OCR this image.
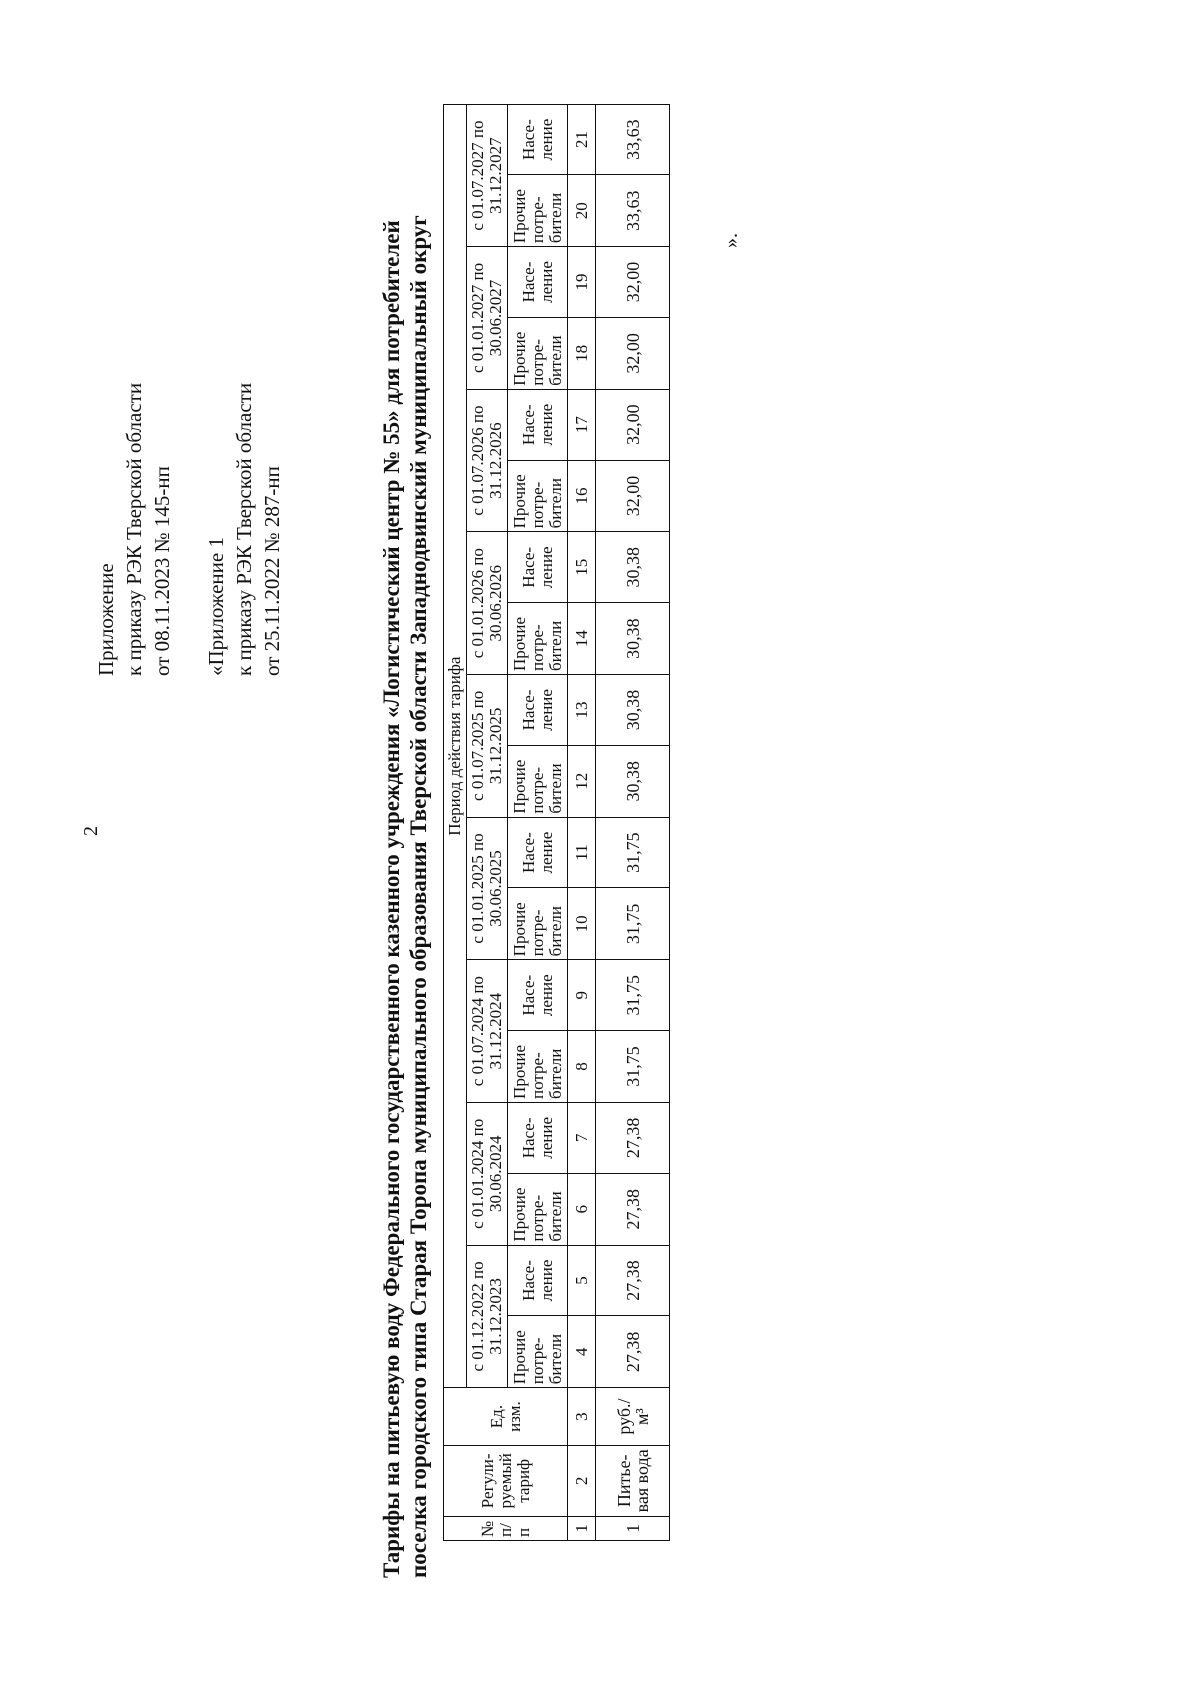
2
Приложение к приказу РЭК Тверской области от 08.11.2023 № 145-нп «Приложение 1 к приказу РЭК Тверской области от 25.11.2022 № 287-нп	Тарифы на питьевую воду Федерального государственного казенного учреждения «Логистический центр № 55» для потребителей поселка городского типа Старая Торопа муниципального образования Тверской области Западнодвинский муниципальный округ	№ п/п	Регули-руемый тариф	Ед. изм.	Период действия тарифа																	
			с 01.12.2022 по 31.12.2023		с 01.01.2024 по 30.06.2024		с 01.07.2024 по 31.12.2024		с 01.01.2025 по 30.06.2025		с 01.07.2025 по 31.12.2025		с 01.01.2026 по 30.06.2026		с 01.07.2026 по 31.12.2026		с 01.01.2027 по 30.06.2027		с 01.07.2027 по 31.12.2027	
			Прочие потре-бители	Насе-ление	Прочие потре-бители	Насе-ление	Прочие потре-бители	Насе-ление	Прочие потре-бители	Насе-ление	Прочие потре-бители	Насе-ление	Прочие потре-бители	Насе-ление	Прочие потре-бители	Насе-ление	Прочие потре-бители	Насе-ление	Прочие потре-бители	Насе-ление
1	2	3	4	5	6	7	8	9	10	11	12	13	14	15	16	17	18	19	20	21
1	Питье-вая вода	руб./м³	27,38	27,38	27,38	27,38	31,75	31,75	31,75	31,75	30,38	30,38	30,38	30,38	32,00	32,00	32,00	32,00	33,63	33,63
».
